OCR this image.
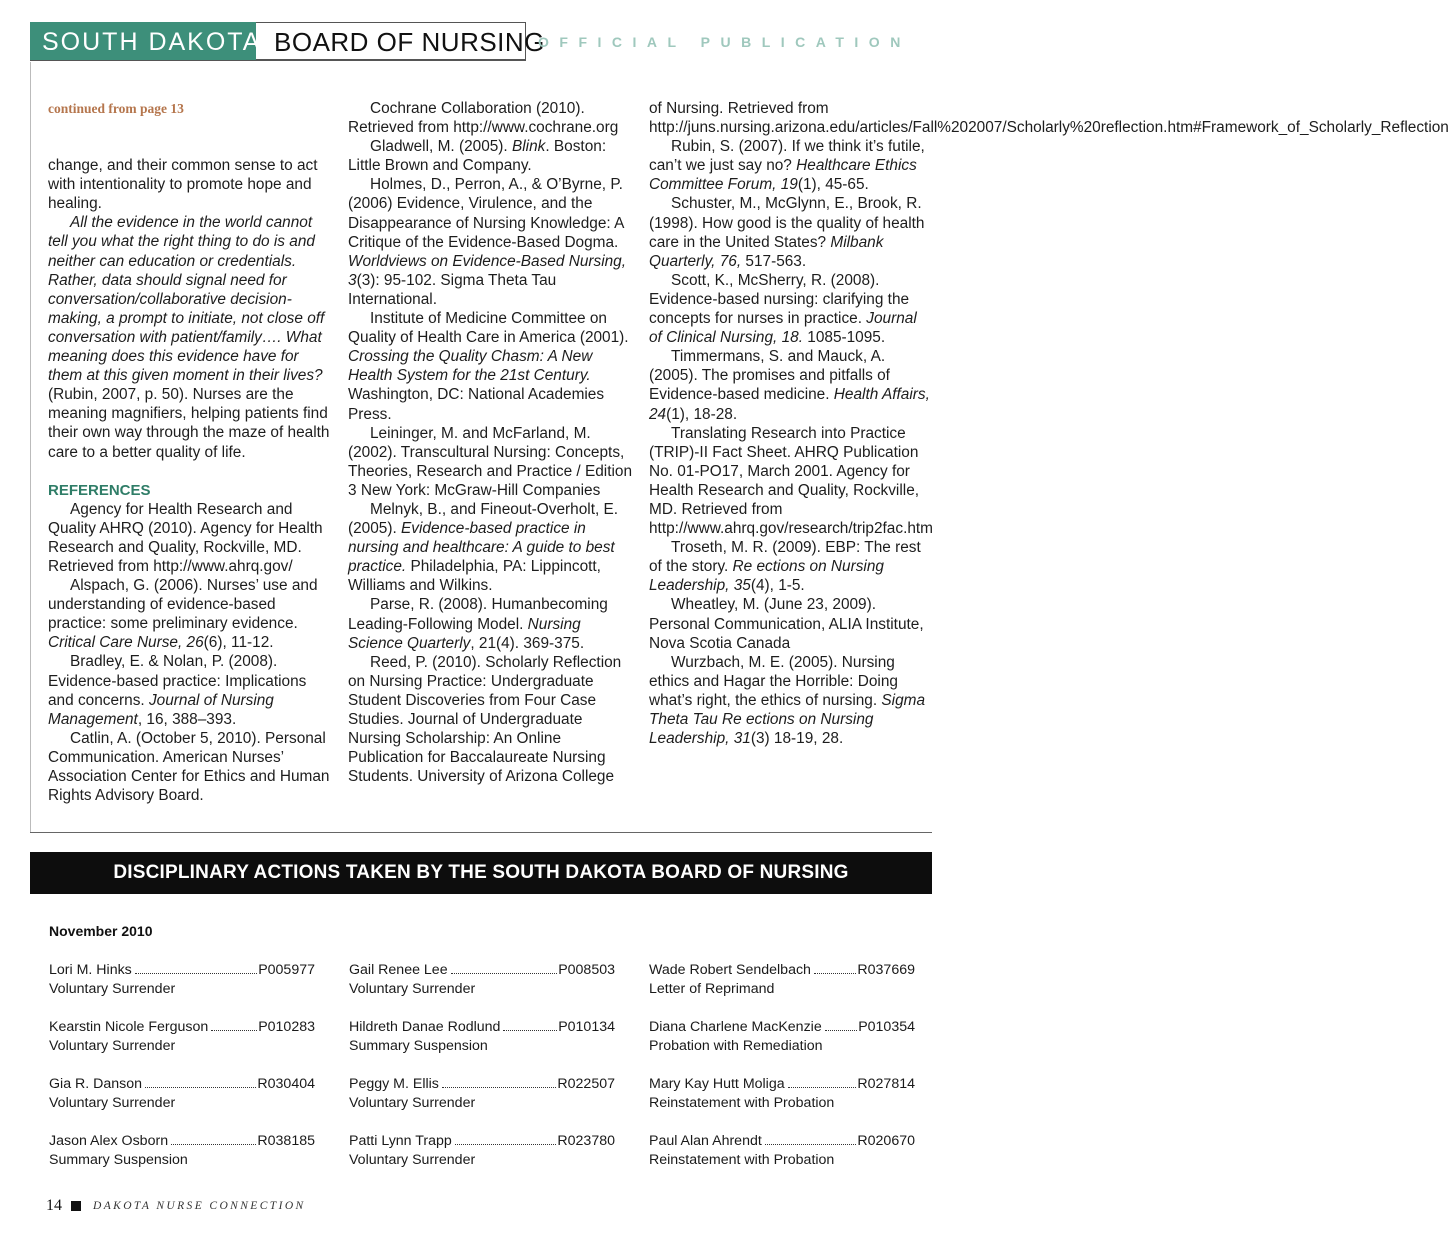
SOUTH DAKOTA BOARD OF NURSING
OFFICIAL PUBLICATION

continued from page 13

change, and their common sense to act with intentionality to promote hope and healing.

All the evidence in the world cannot tell you what the right thing to do is and neither can education or credentials. Rather, data should signal need for conversation/collaborative decision-making, a prompt to initiate, not close off conversation with patient/family…. What meaning does this evidence have for them at this given moment in their lives? (Rubin, 2007, p. 50). Nurses are the meaning magnifiers, helping patients find their own way through the maze of health care to a better quality of life.

REFERENCES

Agency for Health Research and Quality AHRQ (2010). Agency for Health Research and Quality, Rockville, MD. Retrieved from http://www.ahrq.gov/

Alspach, G. (2006). Nurses’ use and understanding of evidence-based practice: some preliminary evidence. Critical Care Nurse, 26(6), 11-12.

Bradley, E. & Nolan, P. (2008). Evidence-based practice: Implications and concerns. Journal of Nursing Management, 16, 388–393.

Catlin, A. (October 5, 2010). Personal Communication. American Nurses’ Association Center for Ethics and Human Rights Advisory Board.

Cochrane Collaboration (2010). Retrieved from http://www.cochrane.org

Gladwell, M. (2005). Blink. Boston: Little Brown and Company.

Holmes, D., Perron, A., & O’Byrne, P. (2006) Evidence, Virulence, and the Disappearance of Nursing Knowledge: A Critique of the Evidence-Based Dogma. Worldviews on Evidence-Based Nursing, 3(3): 95-102. Sigma Theta Tau International.

Institute of Medicine Committee on Quality of Health Care in America (2001). Crossing the Quality Chasm: A New Health System for the 21st Century. Washington, DC: National Academies Press.

Leininger, M. and McFarland, M. (2002). Transcultural Nursing: Concepts, Theories, Research and Practice / Edition 3 New York: McGraw-Hill Companies

Melnyk, B., and Fineout-Overholt, E. (2005). Evidence-based practice in nursing and healthcare: A guide to best practice. Philadelphia, PA: Lippincott, Williams and Wilkins.

Parse, R. (2008). Humanbecoming Leading-Following Model. Nursing Science Quarterly, 21(4). 369-375.

Reed, P. (2010). Scholarly Reflection on Nursing Practice: Undergraduate Student Discoveries from Four Case Studies. Journal of Undergraduate Nursing Scholarship: An Online Publication for Baccalaureate Nursing Students. University of Arizona College

of Nursing. Retrieved from http://juns.nursing.arizona.edu/articles/Fall%202007/Scholarly%20reflection.htm#Framework_of_Scholarly_Reflection

Rubin, S. (2007). If we think it’s futile, can’t we just say no? Healthcare Ethics Committee Forum, 19(1), 45-65.

Schuster, M., McGlynn, E., Brook, R. (1998). How good is the quality of health care in the United States? Milbank Quarterly, 76, 517-563.

Scott, K., McSherry, R. (2008). Evidence-based nursing: clarifying the concepts for nurses in practice. Journal of Clinical Nursing, 18. 1085-1095.

Timmermans, S. and Mauck, A. (2005). The promises and pitfalls of Evidence-based medicine. Health Affairs, 24(1), 18-28.

Translating Research into Practice (TRIP)-II Fact Sheet. AHRQ Publication No. 01-PO17, March 2001. Agency for Health Research and Quality, Rockville, MD. Retrieved from http://www.ahrq.gov/research/trip2fac.htm

Troseth, M. R. (2009). EBP: The rest of the story. Re ections on Nursing Leadership, 35(4), 1-5.

Wheatley, M. (June 23, 2009). Personal Communication, ALIA Institute, Nova Scotia Canada

Wurzbach, M. E. (2005). Nursing ethics and Hagar the Horrible: Doing what’s right, the ethics of nursing. Sigma Theta Tau Re ections on Nursing Leadership, 31(3) 18-19, 28.

DISCIPLINARY ACTIONS TAKEN BY THE SOUTH DAKOTA BOARD OF NURSING
November 2010
Lori M. Hinks	P005977
Voluntary Surrender
Gail Renee Lee	P008503
Voluntary Surrender
Wade Robert Sendelbach	R037669
Letter of Reprimand
Kearstin Nicole Ferguson	P010283
Voluntary Surrender
Hildreth Danae Rodlund	P010134
Summary Suspension
Diana Charlene MacKenzie	P010354
Probation with Remediation
Gia R. Danson	R030404
Voluntary Surrender
Peggy M. Ellis	R022507
Voluntary Surrender
Mary Kay Hutt Moliga	R027814
Reinstatement with Probation
Jason Alex Osborn	R038185
Summary Suspension
Patti Lynn Trapp	R023780
Voluntary Surrender
Paul Alan Ahrendt	R020670
Reinstatement with Probation
14	DAKOTA NURSE CONNECTION
